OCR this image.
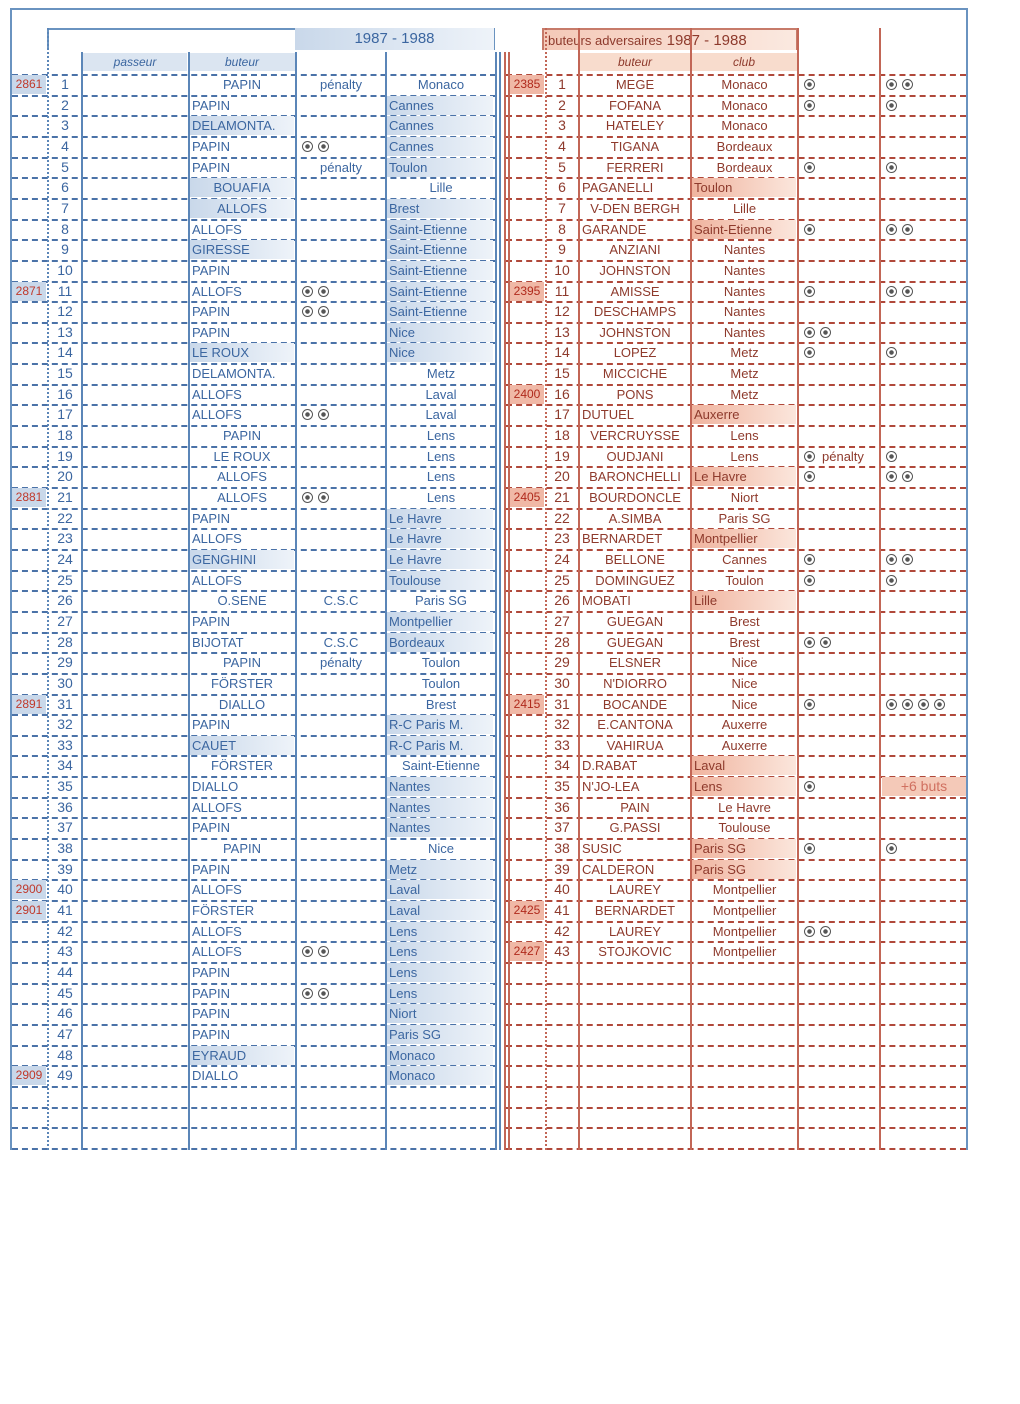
1987 - 1988
passeur	buteur
buteurs adversaires 1987 - 1988
buteur	club
2861	1	PAPIN	pénalty	Monaco
2	PAPIN	Cannes
3	DELAMONTA.	Cannes
4	PAPIN	Cannes
5	PAPIN	pénalty	Toulon
6	BOUAFIA	Lille
7	ALLOFS	Brest
8	ALLOFS	Saint-Etienne
9	GIRESSE	Saint-Etienne
10	PAPIN	Saint-Etienne
2871	11	ALLOFS	Saint-Etienne
12	PAPIN	Saint-Etienne
13	PAPIN	Nice
14	LE ROUX	Nice
15	DELAMONTA.	Metz
16	ALLOFS	Laval
17	ALLOFS	Laval
18	PAPIN	Lens
19	LE ROUX	Lens
20	ALLOFS	Lens
2881	21	ALLOFS	Lens
22	PAPIN	Le Havre
23	ALLOFS	Le Havre
24	GENGHINI	Le Havre
25	ALLOFS	Toulouse
26	O.SENE	C.S.C	Paris SG
27	PAPIN	Montpellier
28	BIJOTAT	C.S.C	Bordeaux
29	PAPIN	pénalty	Toulon
30	FÖRSTER	Toulon
2891	31	DIALLO	Brest
32	PAPIN	R-C Paris M.
33	CAUET	R-C Paris M.
34	FÖRSTER	Saint-Etienne
35	DIALLO	Nantes
36	ALLOFS	Nantes
37	PAPIN	Nantes
38	PAPIN	Nice
39	PAPIN	Metz
2900	40	ALLOFS	Laval
2901	41	FÖRSTER	Laval
42	ALLOFS	Lens
43	ALLOFS	Lens
44	PAPIN	Lens
45	PAPIN	Lens
46	PAPIN	Niort
47	PAPIN	Paris SG
48	EYRAUD	Monaco
2909	49	DIALLO	Monaco
2385	1	MEGE	Monaco
2	FOFANA	Monaco
3	HATELEY	Monaco
4	TIGANA	Bordeaux
5	FERRERI	Bordeaux
6	PAGANELLI	Toulon
7	V-DEN BERGH	Lille
8	GARANDE	Saint-Etienne
9	ANZIANI	Nantes
10	JOHNSTON	Nantes
2395	11	AMISSE	Nantes
12	DESCHAMPS	Nantes
13	JOHNSTON	Nantes
14	LOPEZ	Metz
15	MICCICHE	Metz
2400 16	PONS	Metz
17 DUTUEL	Auxerre
18	VERCRUYSSE	Lens
19	OUDJANI	Lens	pénalty
20	BARONCHELLI	Le Havre
2405 21	BOURDONCLE	Niort
22	A.SIMBA	Paris SG
23 BERNARDET	Montpellier
24	BELLONE	Cannes
25	DOMINGUEZ	Toulon
26 MOBATI	Lille
27	GUEGAN	Brest
28	GUEGAN	Brest
29	ELSNER	Nice
30	N'DIORRO	Nice
2415 31	BOCANDE	Nice
32	E.CANTONA	Auxerre
33	VAHIRUA	Auxerre
34 D.RABAT	Laval
35 N'JO-LEA	Lens	+6 buts
36	PAIN	Le Havre
37	G.PASSI	Toulouse
38 SUSIC	Paris SG
39 CALDERON	Paris SG
40	LAUREY	Montpellier
2425 41	BERNARDET	Montpellier
42	LAUREY	Montpellier
2427 43	STOJKOVIC	Montpellier
